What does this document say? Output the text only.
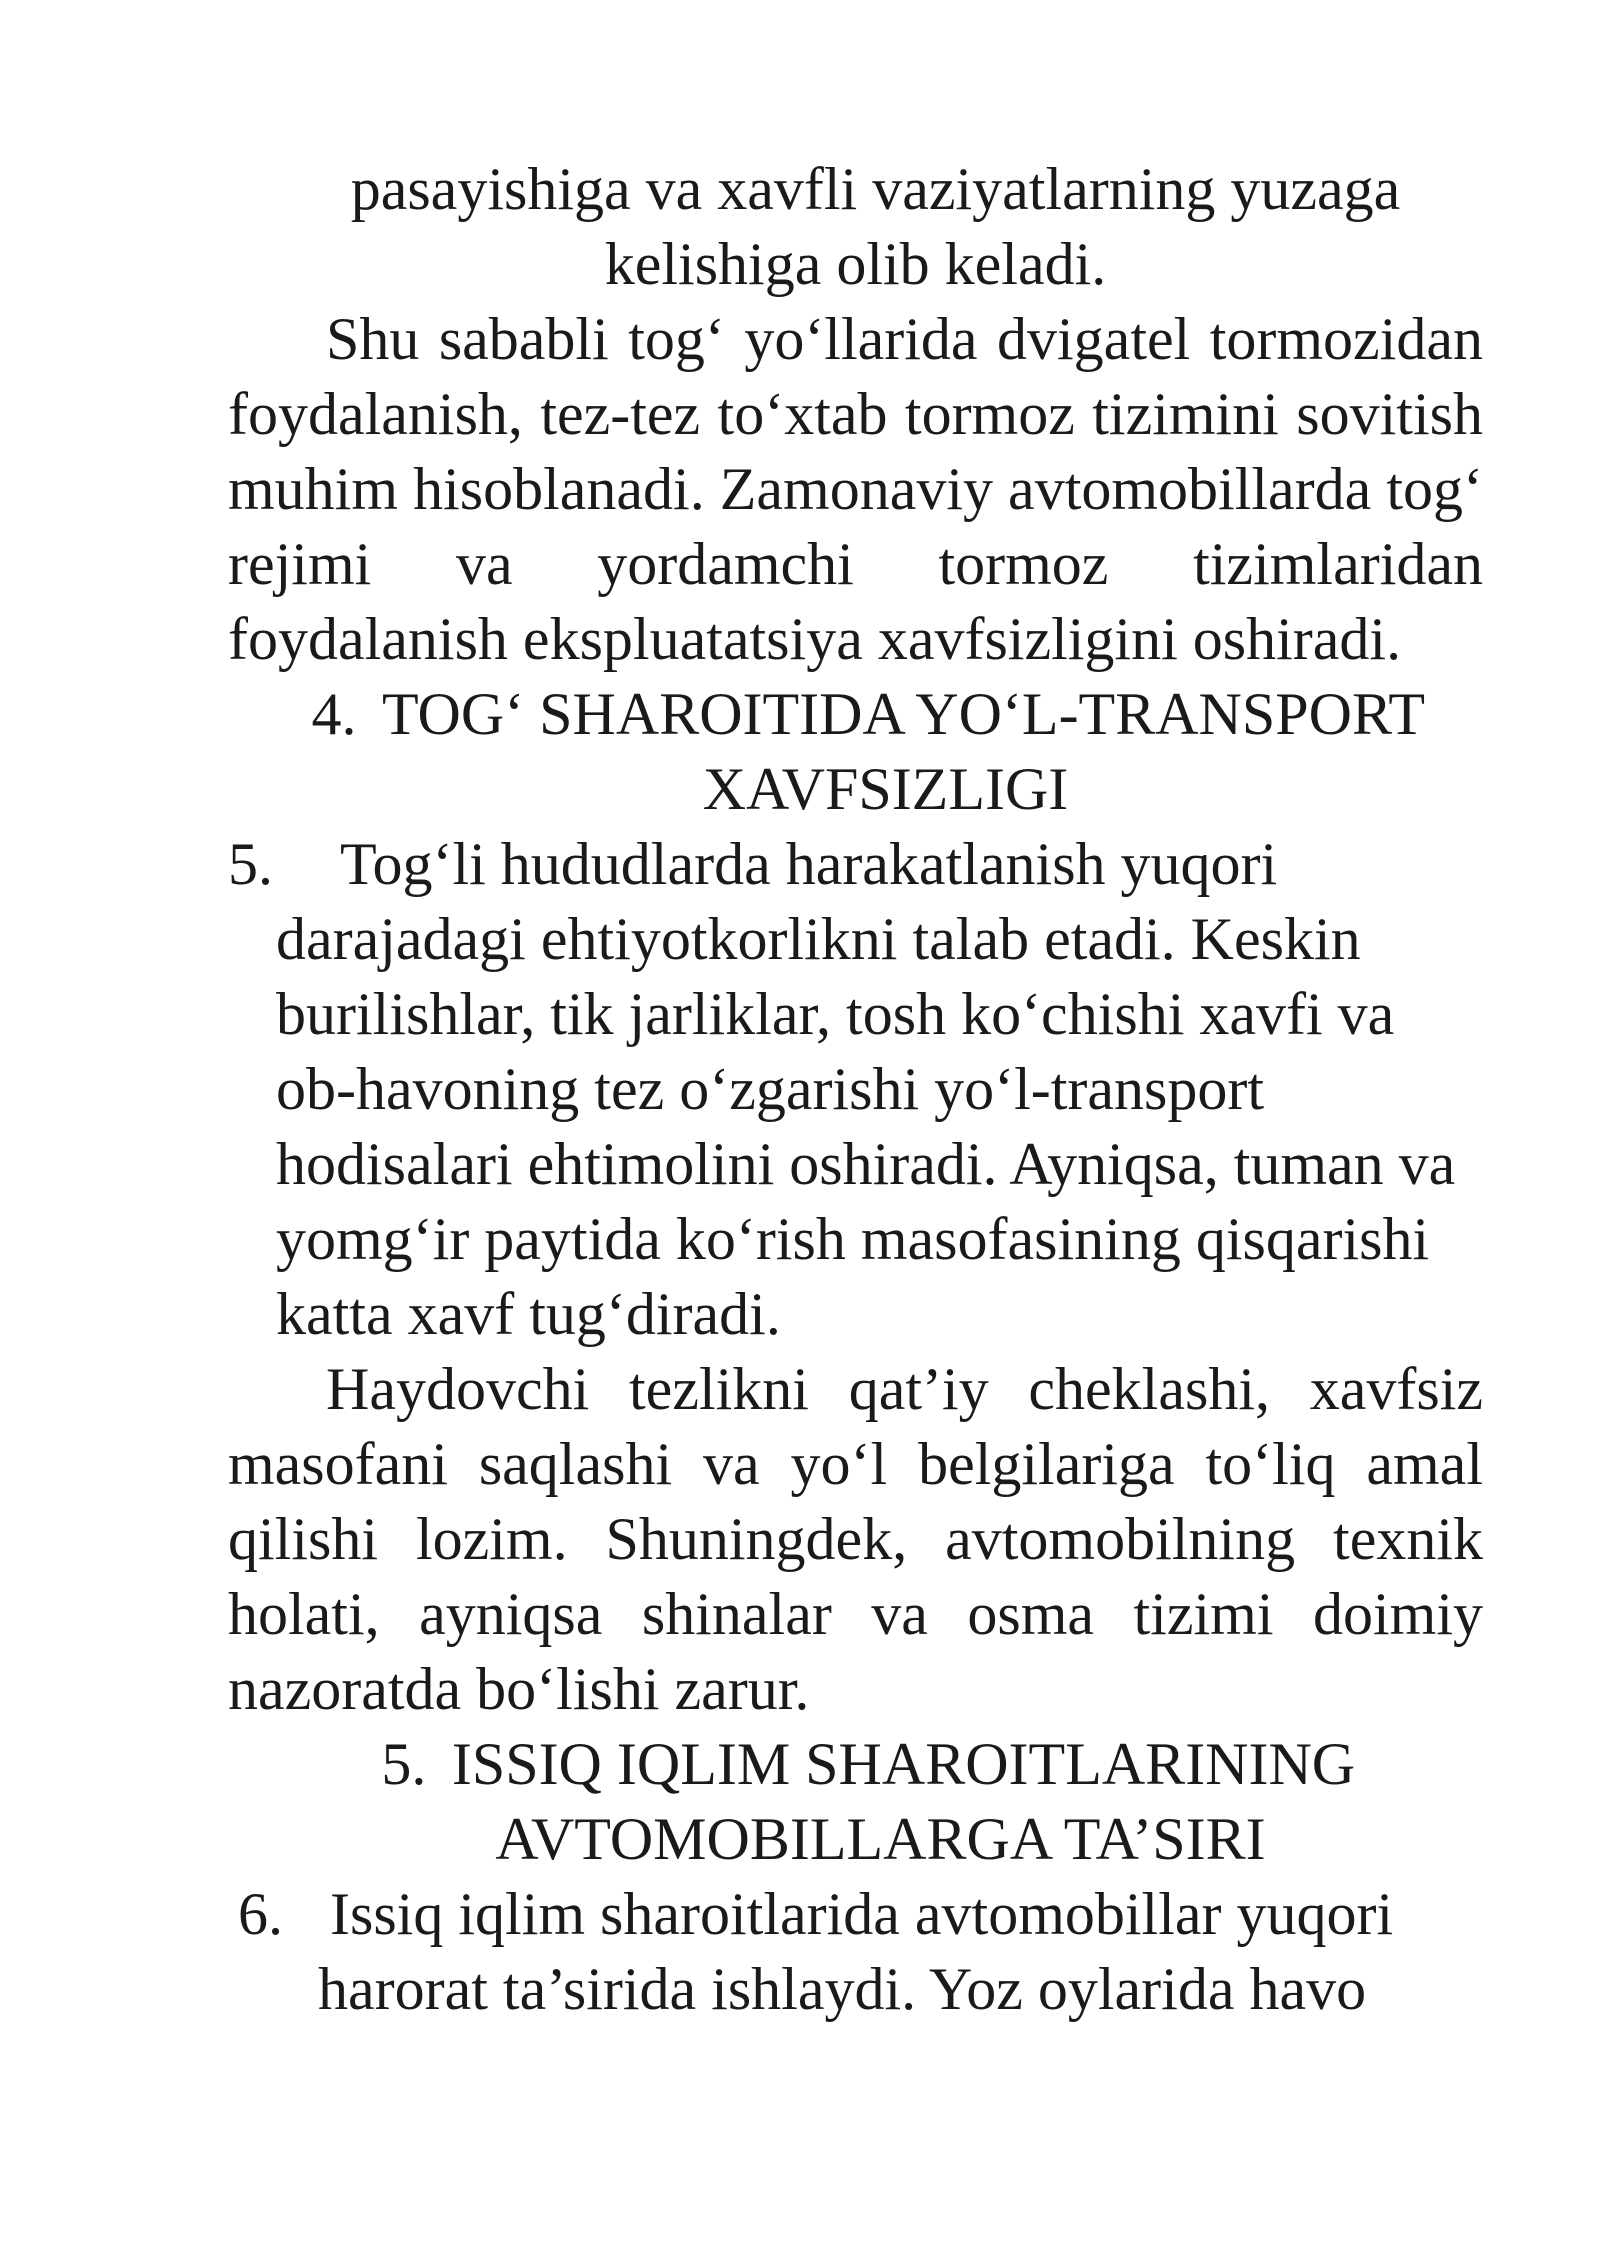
pasayishiga va xavfli vaziyatlarning yuzaga
kelishiga olib keladi.
Shu sababli tog‘ yo‘llarida dvigatel tormozidan foydalanish, tez-tez to‘xtab tormoz tizimini sovitish muhim hisoblanadi. Zamonaviy avtomobillarda tog‘ rejimi va yordamchi tormoz tizimlaridan foydalanish ekspluatatsiya xavfsizligini oshiradi.
4. TOG‘ SHAROITIDA YO‘L-TRANSPORT
XAVFSIZLIGI
5. Tog‘li hududlarda harakatlanish yuqori darajadagi ehtiyotkorlikni talab etadi. Keskin burilishlar, tik jarliklar, tosh ko‘chishi xavfi va ob-havoning tez o‘zgarishi yo‘l-transport hodisalari ehtimolini oshiradi. Ayniqsa, tuman va yomg‘ir paytida ko‘rish masofasining qisqarishi katta xavf tug‘diradi.
Haydovchi tezlikni qat’iy cheklashi, xavfsiz masofani saqlashi va yo‘l belgilariga to‘liq amal qilishi lozim. Shuningdek, avtomobilning texnik holati, ayniqsa shinalar va osma tizimi doimiy nazoratda bo‘lishi zarur.
5. ISSIQ IQLIM SHAROITLARINING
AVTOMOBILLARGA TA’SIRI
6. Issiq iqlim sharoitlarida avtomobillar yuqori
harorat ta’sirida ishlaydi. Yoz oylarida havo
